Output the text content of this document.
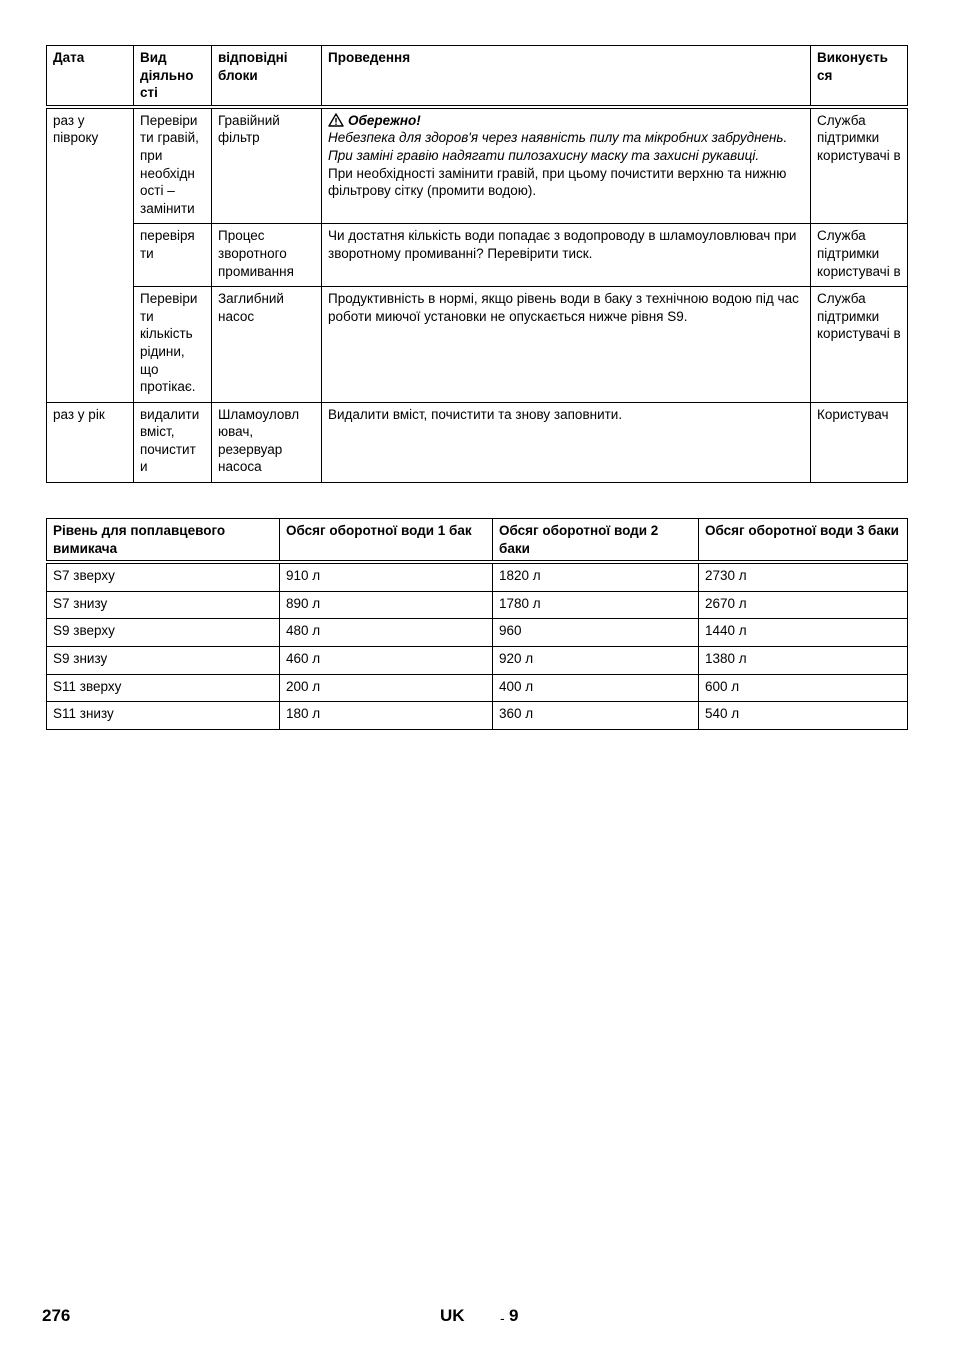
Дата	Вид діяльно сті	відповідні блоки	Проведення	Виконуєть ся
раз у півроку	Перевіри ти гравій, при необхідн ості – замінити	Гравійний фільтр	Обережно!
Небезпека для здоров'я через наявність пилу та мікробних забруднень. При заміні гравію надягати пилозахисну маску та захисні рукавиці.
При необхідності замінити гравій, при цьому почистити верхню та нижню фільтрову сітку (промити водою).	Служба підтримки користувачі в
	перевіря ти	Процес зворотного промивання	Чи достатня кількість води попадає з водопроводу в шламоуловлювач при зворотному промиванні? Перевірити тиск.	Служба підтримки користувачі в
	Перевіри ти кількість рідини, що протікає.	Заглибний насос	Продуктивність в нормі, якщо рівень води в баку з технічною водою під час роботи миючої установки не опускається нижче рівня S9.	Служба підтримки користувачі в
раз у рік	видалити вміст, почистит и	Шламоуловл ювач, резервуар насоса	Видалити вміст, почистити та знову заповнити.	Користувач
Рівень для поплавцевого вимикача	Обсяг оборотної води 1 бак	Обсяг оборотної води 2 баки	Обсяг оборотної води 3 баки
S7 зверху	910 л	1820 л	2730 л
S7 знизу	890 л	1780 л	2670 л
S9 зверху	480 л	960	1440 л
S9 знизу	460 л	920 л	1380 л
S11 зверху	200 л	400 л	600 л
S11 знизу	180 л	360 л	540 л
276	UK	- 9
